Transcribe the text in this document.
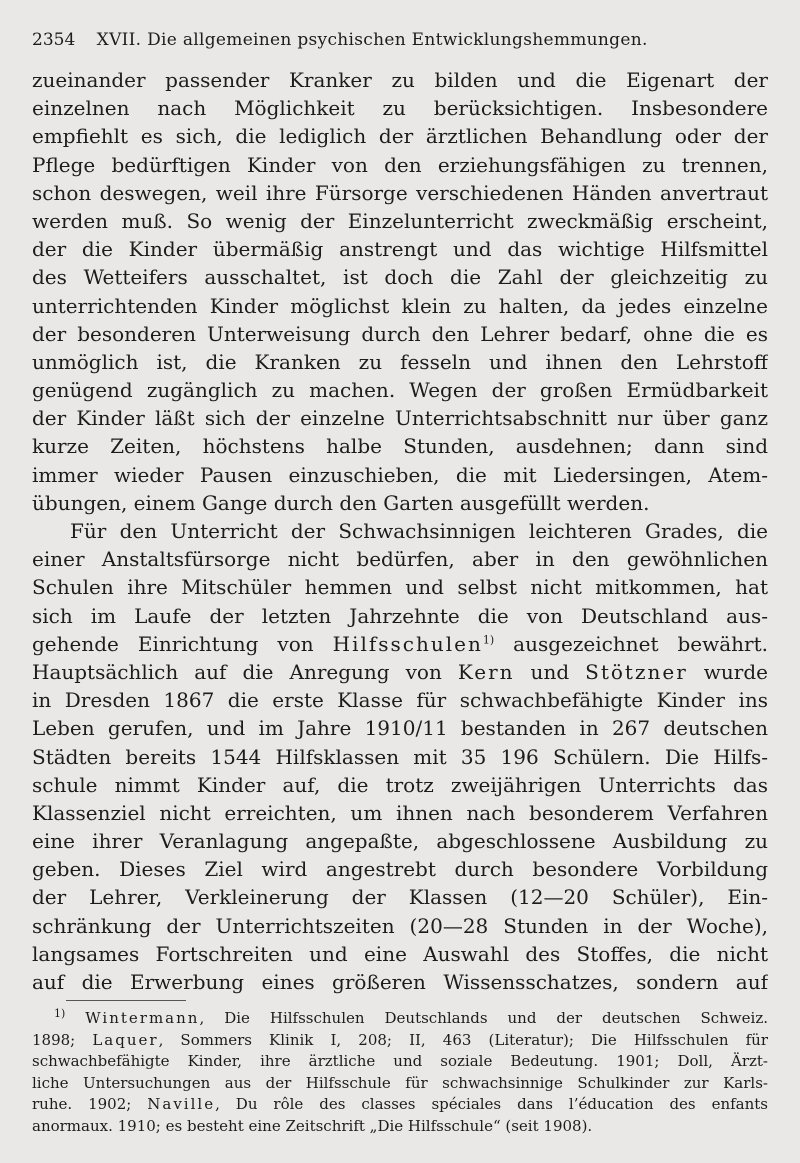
2354 XVII. Die allgemeinen psychischen Entwicklungshemmungen.
zueinander passender Kranker zu bilden und die Eigenart der
einzelnen nach Möglichkeit zu berücksichtigen. Insbesondere
empfiehlt es sich, die lediglich der ärztlichen Behandlung oder der
Pflege bedürftigen Kinder von den erziehungsfähigen zu trennen,
schon deswegen, weil ihre Fürsorge verschiedenen Händen anvertraut
werden muß. So wenig der Einzelunterricht zweckmäßig erscheint,
der die Kinder übermäßig anstrengt und das wichtige Hilfsmittel
des Wetteifers ausschaltet, ist doch die Zahl der gleichzeitig zu
unterrichtenden Kinder möglichst klein zu halten, da jedes einzelne
der besonderen Unterweisung durch den Lehrer bedarf, ohne die es
unmöglich ist, die Kranken zu fesseln und ihnen den Lehrstoff
genügend zugänglich zu machen. Wegen der großen Ermüdbarkeit
der Kinder läßt sich der einzelne Unterrichtsabschnitt nur über ganz
kurze Zeiten, höchstens halbe Stunden, ausdehnen; dann sind
immer wieder Pausen einzuschieben, die mit Liedersingen, Atem-
übungen, einem Gange durch den Garten ausgefüllt werden.
Für den Unterricht der Schwachsinnigen leichteren Grades, die
einer Anstaltsfürsorge nicht bedürfen, aber in den gewöhnlichen
Schulen ihre Mitschüler hemmen und selbst nicht mitkommen, hat
sich im Laufe der letzten Jahrzehnte die von Deutschland aus-
gehende Einrichtung von Hilfsschulen$^{1)}$ ausgezeichnet bewährt.
Hauptsächlich auf die Anregung von Kern und Stötzner wurde
in Dresden 1867 die erste Klasse für schwachbefähigte Kinder ins
Leben gerufen, und im Jahre 1910/11 bestanden in 267 deutschen
Städten bereits 1544 Hilfsklassen mit 35 196 Schülern. Die Hilfs-
schule nimmt Kinder auf, die trotz zweijährigen Unterrichts das
Klassenziel nicht erreichten, um ihnen nach besonderem Verfahren
eine ihrer Veranlagung angepaßte, abgeschlossene Ausbildung zu
geben. Dieses Ziel wird angestrebt durch besondere Vorbildung
der Lehrer, Verkleinerung der Klassen (12—20 Schüler), Ein-
schränkung der Unterrichtszeiten (20—28 Stunden in der Woche),
langsames Fortschreiten und eine Auswahl des Stoffes, die nicht
auf die Erwerbung eines größeren Wissensschatzes, sondern auf
$^{1)}$ Wintermann, Die Hilfsschulen Deutschlands und der deutschen Schweiz.
1898; Laquer, Sommers Klinik I, 208; II, 463 (Literatur); Die Hilfsschulen für
schwachbefähigte Kinder, ihre ärztliche und soziale Bedeutung. 1901; Doll, Ärzt-
liche Untersuchungen aus der Hilfsschule für schwachsinnige Schulkinder zur Karls-
ruhe. 1902; Naville, Du rôle des classes spéciales dans l’éducation des enfants
anormaux. 1910; es besteht eine Zeitschrift „Die Hilfsschule“ (seit 1908).
